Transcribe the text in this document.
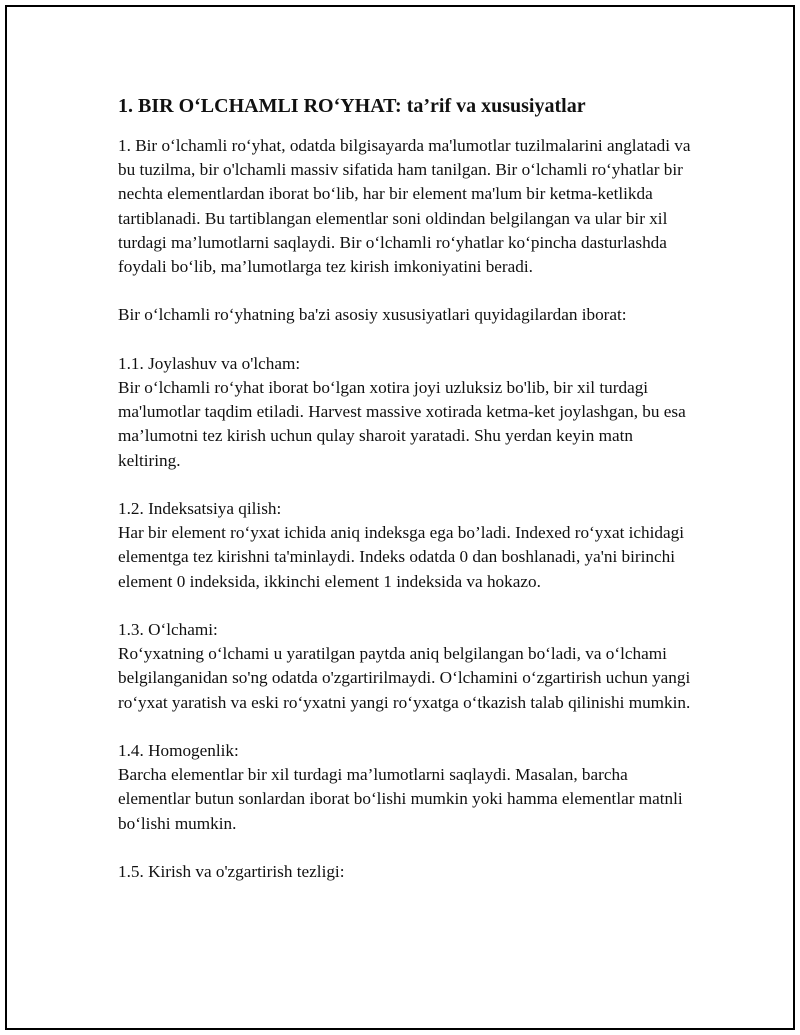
1. BIR O‘LCHAMLI RO‘YHAT: ta’rif va xususiyatlar

1. Bir o‘lchamli ro‘yhat, odatda bilgisayarda ma'lumotlar tuzilmalarini anglatadi va bu tuzilma, bir o'lchamli massiv sifatida ham tanilgan. Bir o‘lchamli ro‘yhatlar bir nechta elementlardan iborat bo‘lib, har bir element ma'lum bir ketma-ketlikda tartiblanadi. Bu tartiblangan elementlar soni oldindan belgilangan va ular bir xil turdagi ma’lumotlarni saqlaydi. Bir o‘lchamli ro‘yhatlar ko‘pincha dasturlashda foydali bo‘lib, ma’lumotlarga tez kirish imkoniyatini beradi.

Bir o‘lchamli ro‘yhatning ba'zi asosiy xususiyatlari quyidagilardan iborat:

1.1. Joylashuv va o'lcham:

Bir o‘lchamli ro‘yhat iborat bo‘lgan xotira joyi uzluksiz bo'lib, bir xil turdagi ma'lumotlar taqdim etiladi. Harvest massive xotirada ketma-ket joylashgan, bu esa ma’lumotni tez kirish uchun qulay sharoit yaratadi. Shu yerdan keyin matn keltiring.

1.2. Indeksatsiya qilish:

Har bir element ro‘yxat ichida aniq indeksga ega bo’ladi. Indexed ro‘yxat ichidagi elementga tez kirishni ta'minlaydi. Indeks odatda 0 dan boshlanadi, ya'ni birinchi element 0 indeksida, ikkinchi element 1 indeksida va hokazo.

1.3. O‘lchami:

Ro‘yxatning o‘lchami u yaratilgan paytda aniq belgilangan bo‘ladi, va o‘lchami belgilanganidan so'ng odatda o'zgartirilmaydi. O‘lchamini o‘zgartirish uchun yangi ro‘yxat yaratish va eski ro‘yxatni yangi ro‘yxatga o‘tkazish talab qilinishi mumkin.

1.4. Homogenlik:

Barcha elementlar bir xil turdagi ma’lumotlarni saqlaydi. Masalan, barcha elementlar butun sonlardan iborat bo‘lishi mumkin yoki hamma elementlar matnli bo‘lishi mumkin.

1.5. Kirish va o'zgartirish tezligi:
